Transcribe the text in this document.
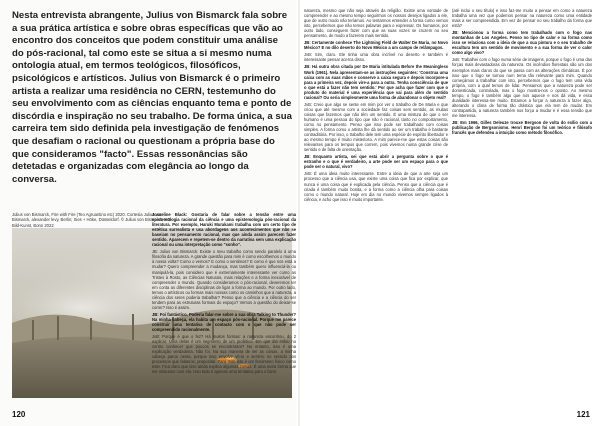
Nesta entrevista abrangente, Julius von Bismarck fala sobre a sua prática artística e sobre obras específicas que vão ao encontro dos conceitos que podem constituir uma análise do pós-racional, tal como este se situa a si mesmo numa ontologia atual, em termos teológicos, filosóficos, psicológicos e artísticos. Julius von Bismarck é o primeiro artista a realizar uma residência no CERN, testemunho do seu envolvimento com as ciências enquanto tema e ponto de discórdia e inspiração no seu trabalho. De forma única, a sua carreira tem sido definida pela investigação de fenómenos que desafiam o racional ou questionam a própria base do que consideramos "facto". Essas ressonâncias são detetadas e organizadas com elegância ao longo da conversa.
Julius von Bismarck, Fire with Fire (Teo Agruantino etc) 2020. Cortesia Julius von Bismarck, alexander levy, Berlin; Sies + Höke, Düsseldorf. © Julius von Bismarck, VG Bild-Kunst, Bonn 2022

Josseline Black: Gostaria de falar sobre a tensão entre uma epistemologia racional da ciência e uma epistemologia pós-racional da literatura. Por exemplo, Haruki Murakami trabalha com um certo tipo de estética surrealista e usa abordagens aos acontecimentos que não se baseiam no pensamento racional, mas que ainda assim parecem fazer sentido. Aparecem e repetem-se dentro da narrativa sem uma explicação racional ou uma interpretação como "sonho".

JB: Julius von Bismarck: Existe o meu trabalho como sendo paralelo à uma filosofia da natureza. A grande questão para mim é como escolhemos o mundo à nossa volta? Como o vemos? E como o sentimos? E como é que nos está a mudar? Quero compreender a mudança, mas também quero influenciá-la ou manipulá-la, pois considero que é extremamente interessante ver como as Tristes à Rosto, as Ciências Naturais, mais relações e a forma inexorável de compreender o mundo. Quando consideramos o pós-racional, deveremos ter em conta as diferentes disciplinas de ligar a forma ao mundo. Por outro lado, temos o artísticos ou formas mais nossas como os caminhos que a natureza, a ciência dos seres poderia trabalhar? Penso que a ciência e a ciência do ser tendem para as estruturas formais do espaço? Vemos a questão do deixar-se correr? Isso é assim.

JB: Foi fantástico. Poderia falar-me sobre a sua obra Talking to Thunder? Na minha cabeça, ela habita um espaço pós-racional. Porque me parece construir uma tentativa de contacto com o que não pode ser compreendido racionalmente.

JvB: Porque é que o fez? Há muitos formas: a natureza encontrou, do 2 explicar. Uma delas é um segmento de um profético. Em que dia estou no centro conhecer que poucos se encontraram? No entanto, isso é uma explicação verdadeira. Não foi. Na sua maneira de ver as coisas, a minha cabeça parou nesta, porque isso envolve vê-lo e senti-lo no sentido dos processos que falamos, proposital. Para mim isto é um fenómeno físico como este. Fica claro que isso ainda explica algumas coisas. É uma outra forma que me relaciono com ela. Isso tudo é apenas uma tentativa para o fazer.

120

natureza, mesmo que não seja através da religião. Existe uma vontade de compreender e ao mesmo tempo seguirmos os nossos desejos ligados a ele, que de outro modo não teríamos. Ao tentarmos entender a forma como vemos isto, percebemos que não temos palavras para o expressar. Os humanos, por outro lado, conseguem fazer com que as suas vozes se cruzem no seu pensamento, de modo a fazerem mais sentido.

JB: Certamente conhece The Lightning Field de Walter De Maria, no Novo México? E no dilo deserto do Novo México a um campo de relâmpagos.

JvB: Sim, claro. Ele tinha uma obra incrível no deserto e também é interessante pensar acerca disso.

JB: Há outra obra citada por De Maria intitulada Before the Meaningless Work (1961). Nela apresentam-se as instruções seguintes: 'Construa uma caixa com as suas mãos e conserve a caixa segura e depois incorpore-a para a primeira vez, depois vire-a para a outra. Tenha consciência de que o que está a fazer não tem sentido.' Por que acha que fazer com que o produto do material é uma experiência que vai para além do sentido racional? Ou seria simplesmente uma forma de abandonar o objeto real?

JvB: Creio que algo se sente em mim por ver o trabalho de De Maria e que criou que até mesmo com a sociedade faz coisas sem sentido, as muitas coisas que fazemos que não têm um sentido. É uma mistura de que o ser humano é uma pessoa do tipo que não é racional, tanto no comportamento, como no pensamento. Penso que isso pode ser trabalhado com coisas simples. A forma como o artista lhe dá sentido ao ser um trabalho é bastante contraditória. Por isso, o trabalho dele tem uma espécie de espírito libertador e ao mesmo tempo é muito misterioso. A mim parece-me que estas coisas são relevantes para os tempos que correm, pois vivemos numa grande crise de sentido e de falta de orientação.

JB: Enquanto artista, sei que está abrir a pergunta sobre o que é estranho e o que é verdadeiro, a arte pode ser um espaço para o que pode ser o natural, vivo?

JvB: É uma ideia muito interessante. Entre a ideia de que a arte seja um processo que a ciência usa, que existe uma coisa que fica por explicar, que nunca é uma coisa que é explicada pela ciência. Penso que a ciência que é criada é também muito bonita, e a forma como a ciência olha para coisas como o mundo natural. Hoje em dia no mundo vivemos sempre ligados à ciência, e acho que isso é muito importante.

(até inclui o seu título) e isso faz-me muito a pensar em como a natureza trabalha uma vez que podemos pensar na natureza como uma entidade mais a ser compreendida. Em vez de pensar no seu trabalho da forma que está?

JB: Mencionou a forma como tem trabalhado com o fogo nas montanhas de Los Angeles. Penso no tipo de calor e na forma como isso se relaciona com a ideia de que a sua pintura e o seu trabalho de escultura tem um sentido de movimento e a sua forma de ver o calor como algo vivo?

JvB: Trabalhei com o fogo numa série de imagens, porque o fogo é uma das forças mais devastadoras da natureza. Os incêndios florestais são um dos exemplos mais claros do que se passa com as alterações climáticas. É por isso que o fogo se tornou num tema tão relevante para mim. Quando começámos a trabalhar com isto, percebemos que o fogo tem uma vida própria, com a qual temos de lidar. Pensamos que a natureza pode ser domesticada, controlada, mas o fogo mostra-nos o oposto. Ao mesmo tempo, o fogo é também algo que nos aquece e nos dá vida, e essa dualidade interessa-me muito. Estamos a forçar a natureza a fazer algo, alterando o clima de forma tão drástica que ela tem de mudar. Em contrapartida, a natureza também nos força a mudar e é essa tensão que me interessa.

JB: Em 1966, Gilles Deleuze trouxe Bergson de volta do exílio com a publicação de Bergsonismo. Henri Bergson foi um teórico e filósofo francês que defendeu a intuição como método filosófico.

121
